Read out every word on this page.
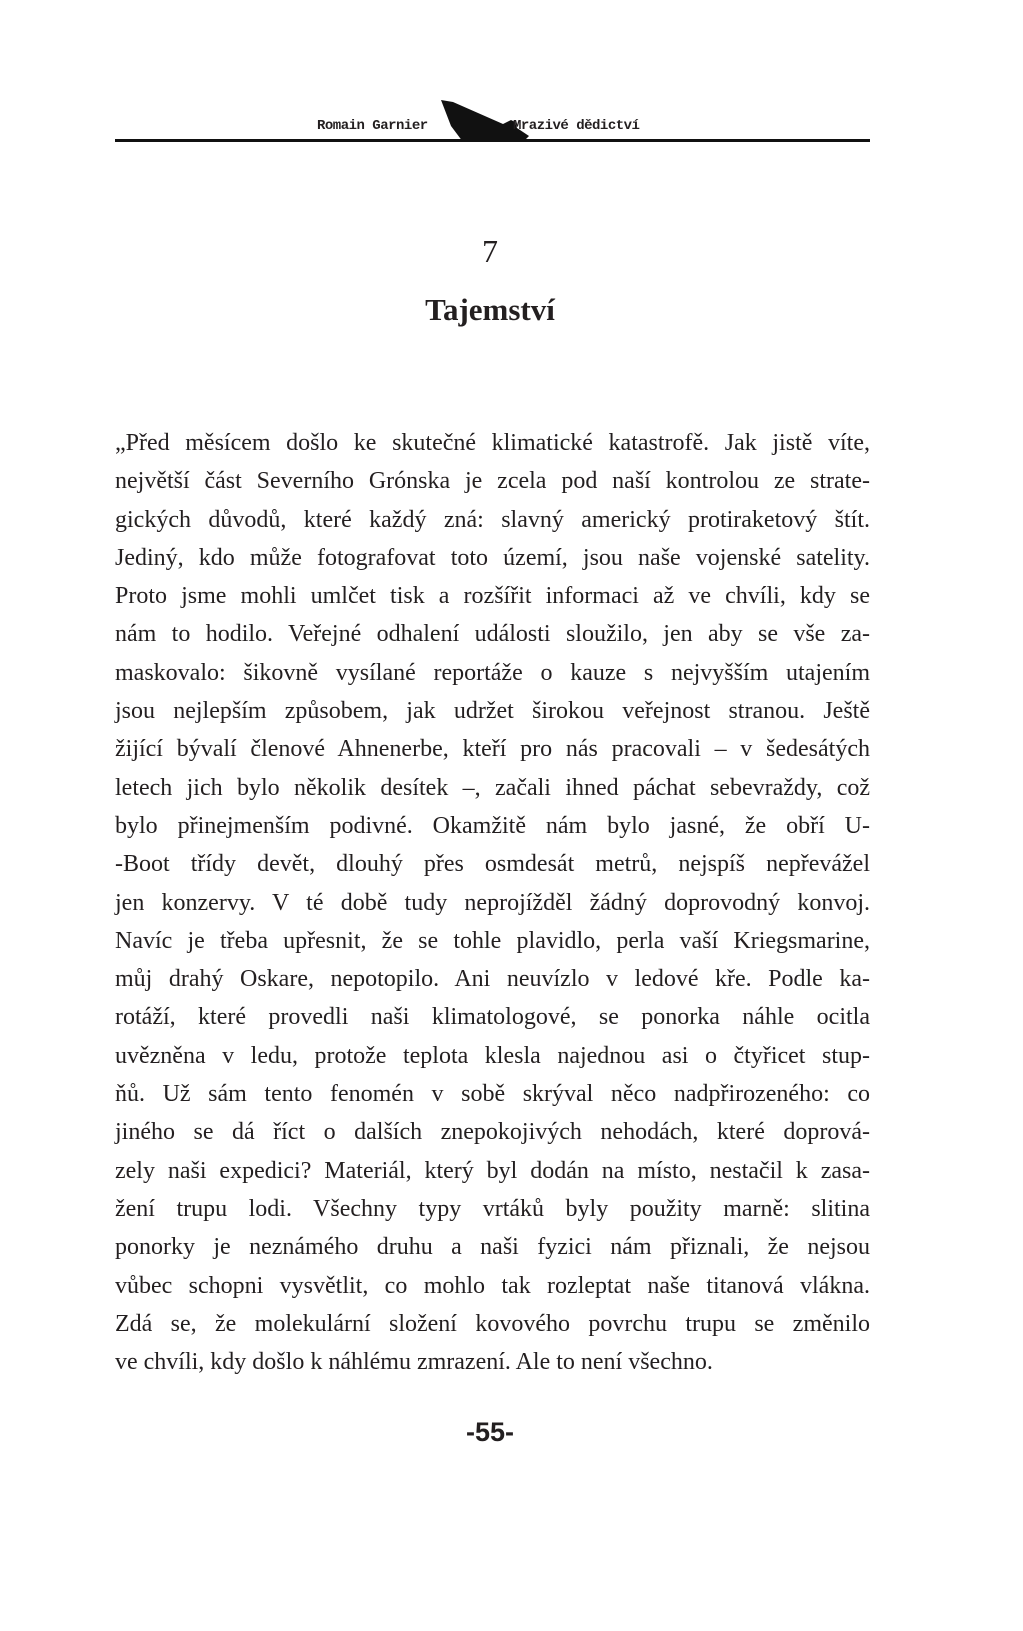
Romain Garnier	Mrazivé dědictví
7
Tajemství
„Před měsícem došlo ke skutečné klimatické katastrofě. Jak jistě víte,
největší část Severního Grónska je zcela pod naší kontrolou ze strate-
gických důvodů, které každý zná: slavný americký protiraketový štít.
Jediný, kdo může fotografovat toto území, jsou naše vojenské satelity.
Proto jsme mohli umlčet tisk a rozšířit informaci až ve chvíli, kdy se
nám to hodilo. Veřejné odhalení události sloužilo, jen aby se vše za-
maskovalo: šikovně vysílané reportáže o kauze s nejvyšším utajením
jsou nejlepším způsobem, jak udržet širokou veřejnost stranou. Ještě
žijící bývalí členové Ahnenerbe, kteří pro nás pracovali – v šedesátých
letech jich bylo několik desítek –, začali ihned páchat sebevraždy, což
bylo přinejmenším podivné. Okamžitě nám bylo jasné, že obří U-
-Boot třídy devět, dlouhý přes osmdesát metrů, nejspíš nepřevážel
jen konzervy. V té době tudy neprojížděl žádný doprovodný konvoj.
Navíc je třeba upřesnit, že se tohle plavidlo, perla vaší Kriegsmarine,
můj drahý Oskare, nepotopilo. Ani neuvízlo v ledové kře. Podle ka-
rotáží, které provedli naši klimatologové, se ponorka náhle ocitla
uvězněna v ledu, protože teplota klesla najednou asi o čtyřicet stup-
ňů. Už sám tento fenomén v sobě skrýval něco nadpřirozeného: co
jiného se dá říct o dalších znepokojivých nehodách, které doprová-
zely naši expedici? Materiál, který byl dodán na místo, nestačil k zasa-
žení trupu lodi. Všechny typy vrtáků byly použity marně: slitina
ponorky je neznámého druhu a naši fyzici nám přiznali, že nejsou
vůbec schopni vysvětlit, co mohlo tak rozleptat naše titanová vlákna.
Zdá se, že molekulární složení kovového povrchu trupu se změnilo
ve chvíli, kdy došlo k náhlému zmrazení. Ale to není všechno.
-55-
